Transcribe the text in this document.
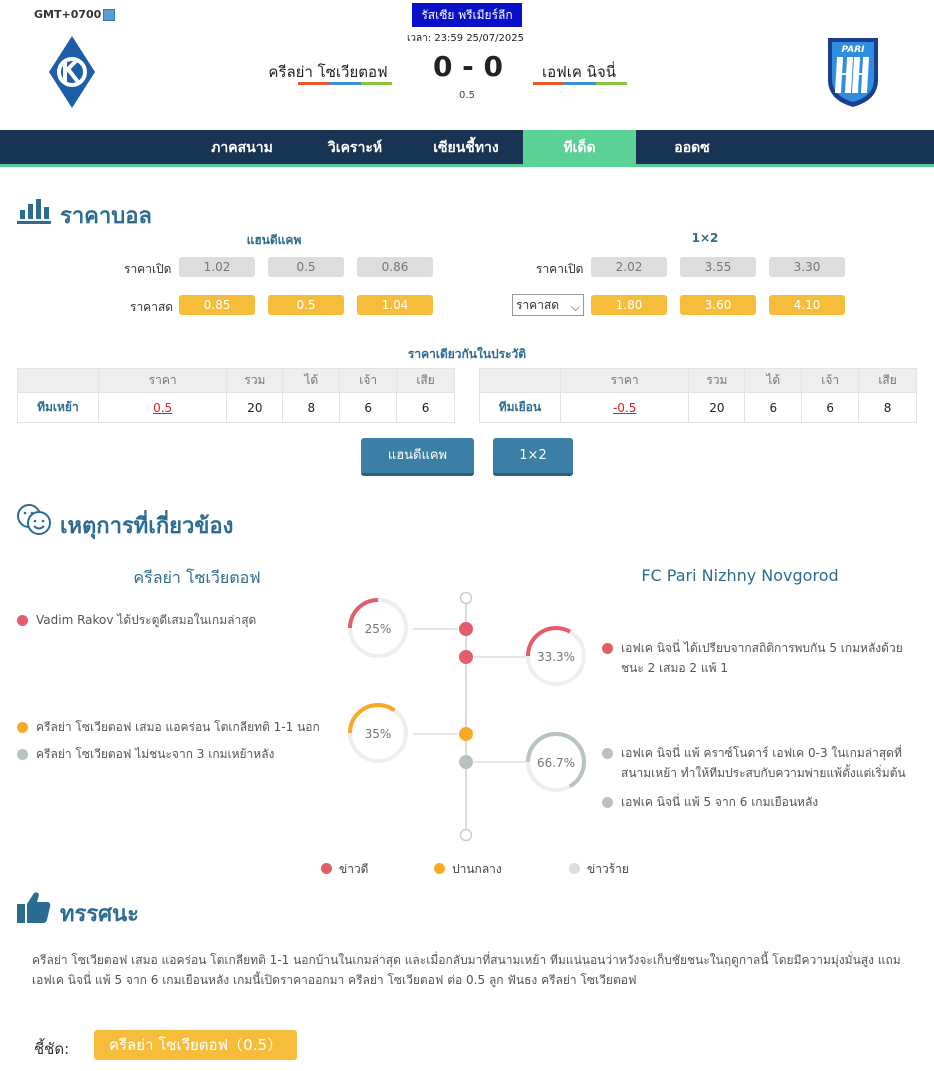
GMT+0700	รัสเซีย พรีเมียร์ลีก
เวลา: 23:59 25/07/2025
ครีลย่า โซเวียตอฟ 0 - 0
0.5
เอฟเค นิจนี่
PARI
ภาคสนาม	วิเคราะห์	เซียนชี้ทาง	ทีเด็ด	ออดซ
ราคาบอล
แฮนดีแคพ	1×2
ราคาเปิด	1.02	0.5	0.86
ราคาสด	0.85	0.5	1.04
ราคาเปิด	2.02	3.55	3.30
ราคาสด ⌵	1.80	3.60	4.10
ราคาเดียวกันในประวัติ
	ราคา	รวม	ได้	เจ้า	เสีย
ทีมเหย้า	0.5	20	8	6	6
	ราคา	รวม	ได้	เจ้า	เสีย
ทีมเยือน	-0.5	20	6	6	8
แฮนดีแคพ	1×2
เหตุการที่เกี่ยวข้อง
ครีลย่า โซเวียตอฟ	FC Pari Nizhny Novgorod
25%
33.3%
35%
66.7%
Vadim Rakov ได้ประตูดีเสมอในเกมล่าสุด
ครีลย่า โซเวียตอฟ เสมอ แอคร่อน โตเกลียทติ 1-1 นอก
ครีลย่า โซเวียตอฟ ไม่ชนะจาก 3 เกมเหย้าหลัง
เอฟเค นิจนี่ ได้เปรียบจากสถิติการพบกัน 5 เกมหลังด้วย
ชนะ 2 เสมอ 2 แพ้ 1
เอฟเค นิจนี่ แพ้ คราซ์โนดาร์ เอฟเค 0-3 ในเกมล่าสุดที่
สนามเหย้า ทำให้ทีมประสบกับความพ่ายแพ้ตั้งแต่เริ่มต้น
เอฟเค นิจนี่ แพ้ 5 จาก 6 เกมเยือนหลัง
ข่าวดี	ปานกลาง	ข่าวร้าย
ทรรศนะ
ครีลย่า โซเวียตอฟ เสมอ แอคร่อน โตเกลียทติ 1-1 นอกบ้านในเกมล่าสุด และเมื่อกลับมาที่สนามเหย้า ทีมแน่นอนว่าหวังจะเก็บชัยชนะในฤดูกาลนี้ โดยมีความมุ่งมั่นสูง แถม เอฟเค นิจนี่ แพ้ 5 จาก 6 เกมเยือนหลัง เกมนี้เปิดราคาออกมา ครีลย่า โซเวียตอฟ ต่อ 0.5 ลูก ฟันธง ครีลย่า โซเวียตอฟ
ชี้ชัด:	ครีลย่า โซเวียตอฟ（0.5）
